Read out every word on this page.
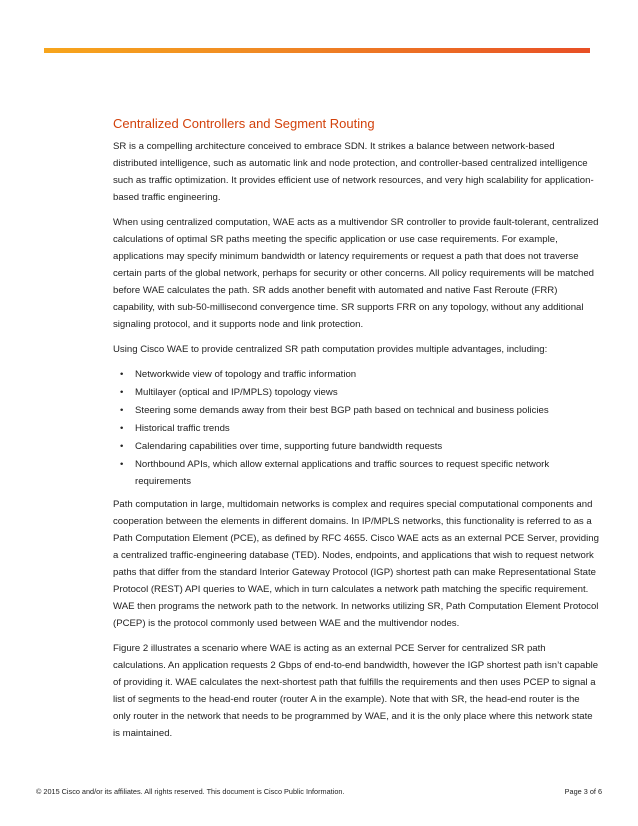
Centralized Controllers and Segment Routing

SR is a compelling architecture conceived to embrace SDN. It strikes a balance between network-based distributed intelligence, such as automatic link and node protection, and controller-based centralized intelligence such as traffic optimization. It provides efficient use of network resources, and very high scalability for application-based traffic engineering.

When using centralized computation, WAE acts as a multivendor SR controller to provide fault-tolerant, centralized calculations of optimal SR paths meeting the specific application or use case requirements. For example, applications may specify minimum bandwidth or latency requirements or request a path that does not traverse certain parts of the global network, perhaps for security or other concerns. All policy requirements will be matched before WAE calculates the path. SR adds another benefit with automated and native Fast Reroute (FRR) capability, with sub-50-millisecond convergence time. SR supports FRR on any topology, without any additional signaling protocol, and it supports node and link protection.

Using Cisco WAE to provide centralized SR path computation provides multiple advantages, including:

• Networkwide view of topology and traffic information
• Multilayer (optical and IP/MPLS) topology views
• Steering some demands away from their best BGP path based on technical and business policies
• Historical traffic trends
• Calendaring capabilities over time, supporting future bandwidth requests
• Northbound APIs, which allow external applications and traffic sources to request specific network requirements

Path computation in large, multidomain networks is complex and requires special computational components and cooperation between the elements in different domains. In IP/MPLS networks, this functionality is referred to as a Path Computation Element (PCE), as defined by RFC 4655. Cisco WAE acts as an external PCE Server, providing a centralized traffic-engineering database (TED). Nodes, endpoints, and applications that wish to request network paths that differ from the standard Interior Gateway Protocol (IGP) shortest path can make Representational State Protocol (REST) API queries to WAE, which in turn calculates a network path matching the specific requirement. WAE then programs the network path to the network. In networks utilizing SR, Path Computation Element Protocol (PCEP) is the protocol commonly used between WAE and the multivendor nodes.

Figure 2 illustrates a scenario where WAE is acting as an external PCE Server for centralized SR path calculations. An application requests 2 Gbps of end-to-end bandwidth, however the IGP shortest path isn’t capable of providing it. WAE calculates the next-shortest path that fulfills the requirements and then uses PCEP to signal a list of segments to the head-end router (router A in the example). Note that with SR, the head-end router is the only router in the network that needs to be programmed by WAE, and it is the only place where this network state is maintained.

© 2015 Cisco and/or its affiliates. All rights reserved. This document is Cisco Public Information.	Page 3 of 6
